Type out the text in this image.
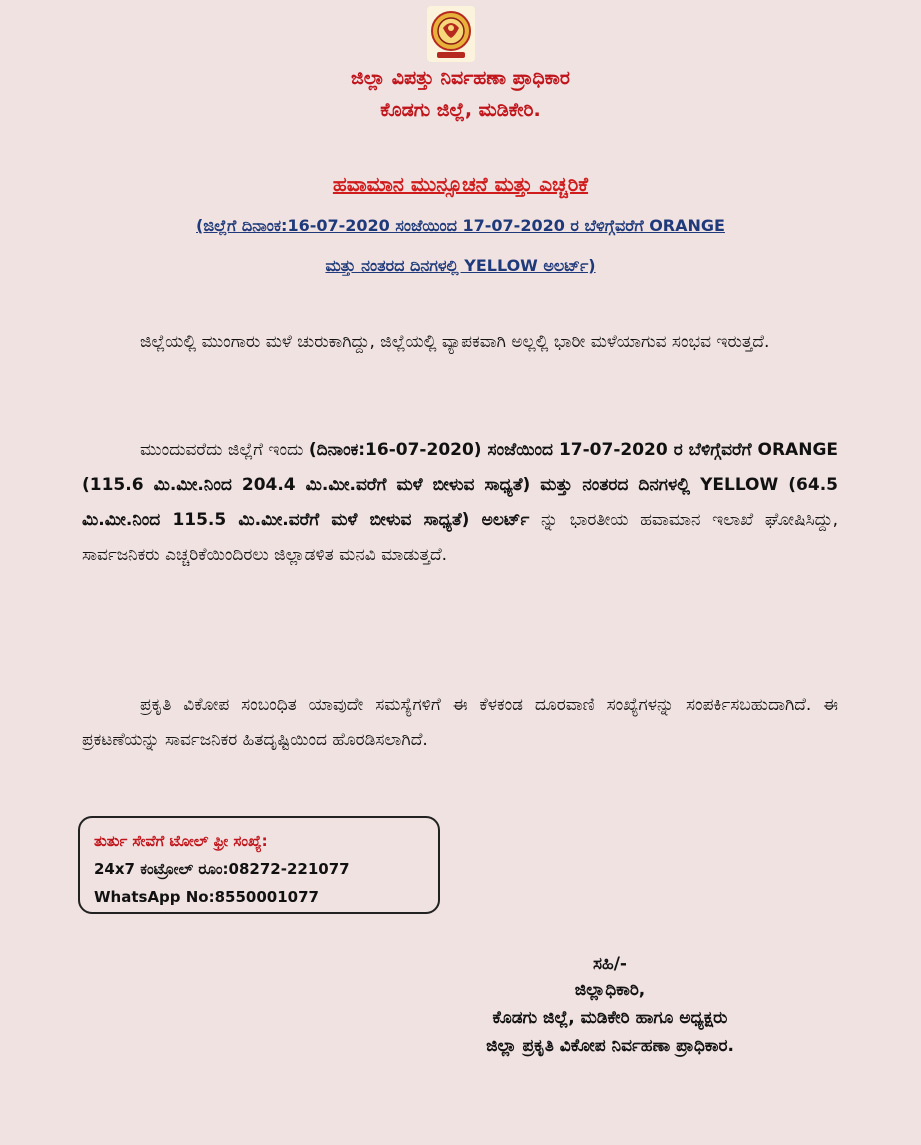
ಜಿಲ್ಲಾ ವಿಪತ್ತು ನಿರ್ವಹಣಾ ಪ್ರಾಧಿಕಾರ
ಕೊಡಗು ಜಿಲ್ಲೆ, ಮಡಿಕೇರಿ.
ಹವಾಮಾನ ಮುನ್ಸೂಚನೆ ಮತ್ತು ಎಚ್ಚರಿಕೆ
(ಜಿಲ್ಲೆಗೆ ದಿನಾಂಕ:16-07-2020 ಸಂಜೆಯಿಂದ 17-07-2020 ರ ಬೆಳಿಗ್ಗೆವರೆಗೆ ORANGE
ಮತ್ತು ನಂತರದ ದಿನಗಳಲ್ಲಿ YELLOW ಅಲರ್ಟ್)
ಜಿಲ್ಲೆಯಲ್ಲಿ ಮುಂಗಾರು ಮಳೆ ಚುರುಕಾಗಿದ್ದು, ಜಿಲ್ಲೆಯಲ್ಲಿ ವ್ಯಾಪಕವಾಗಿ ಅಲ್ಲಲ್ಲಿ ಭಾರೀ ಮಳೆಯಾಗುವ ಸಂಭವ ಇರುತ್ತದೆ.
ಮುಂದುವರೆದು ಜಿಲ್ಲೆಗೆ ಇಂದು (ದಿನಾಂಕ:16-07-2020) ಸಂಜೆಯಿಂದ 17-07-2020 ರ ಬೆಳಿಗ್ಗೆವರೆಗೆ ORANGE (115.6 ಮಿ.ಮೀ.ನಿಂದ 204.4 ಮಿ.ಮೀ.ವರೆಗೆ ಮಳೆ ಬೀಳುವ ಸಾಧ್ಯತೆ) ಮತ್ತು ನಂತರದ ದಿನಗಳಲ್ಲಿ YELLOW (64.5 ಮಿ.ಮೀ.ನಿಂದ 115.5 ಮಿ.ಮೀ.ವರೆಗೆ ಮಳೆ ಬೀಳುವ ಸಾಧ್ಯತೆ) ಅಲರ್ಟ್ ನ್ನು ಭಾರತೀಯ ಹವಾಮಾನ ಇಲಾಖೆ ಘೋಷಿಸಿದ್ದು, ಸಾರ್ವಜನಿಕರು ಎಚ್ಚರಿಕೆಯಿಂದಿರಲು ಜಿಲ್ಲಾಡಳಿತ ಮನವಿ ಮಾಡುತ್ತದೆ.
ಪ್ರಕೃತಿ ವಿಕೋಪ ಸಂಬಂಧಿತ ಯಾವುದೇ ಸಮಸ್ಯೆಗಳಿಗೆ ಈ ಕೆಳಕಂಡ ದೂರವಾಣಿ ಸಂಖ್ಯೆಗಳನ್ನು ಸಂಪರ್ಕಿಸಬಹುದಾಗಿದೆ. ಈ ಪ್ರಕಟಣೆಯನ್ನು ಸಾರ್ವಜನಿಕರ ಹಿತದೃಷ್ಟಿಯಿಂದ ಹೊರಡಿಸಲಾಗಿದೆ.
ತುರ್ತು ಸೇವೆಗೆ ಟೋಲ್ ಫ್ರೀ ಸಂಖ್ಯೆ:
24x7 ಕಂಟ್ರೋಲ್ ರೂಂ:08272-221077
WhatsApp No:8550001077
ಸಹಿ/-
ಜಿಲ್ಲಾಧಿಕಾರಿ,
ಕೊಡಗು ಜಿಲ್ಲೆ, ಮಡಿಕೇರಿ ಹಾಗೂ ಅಧ್ಯಕ್ಷರು
ಜಿಲ್ಲಾ ಪ್ರಕೃತಿ ವಿಕೋಪ ನಿರ್ವಹಣಾ ಪ್ರಾಧಿಕಾರ.
